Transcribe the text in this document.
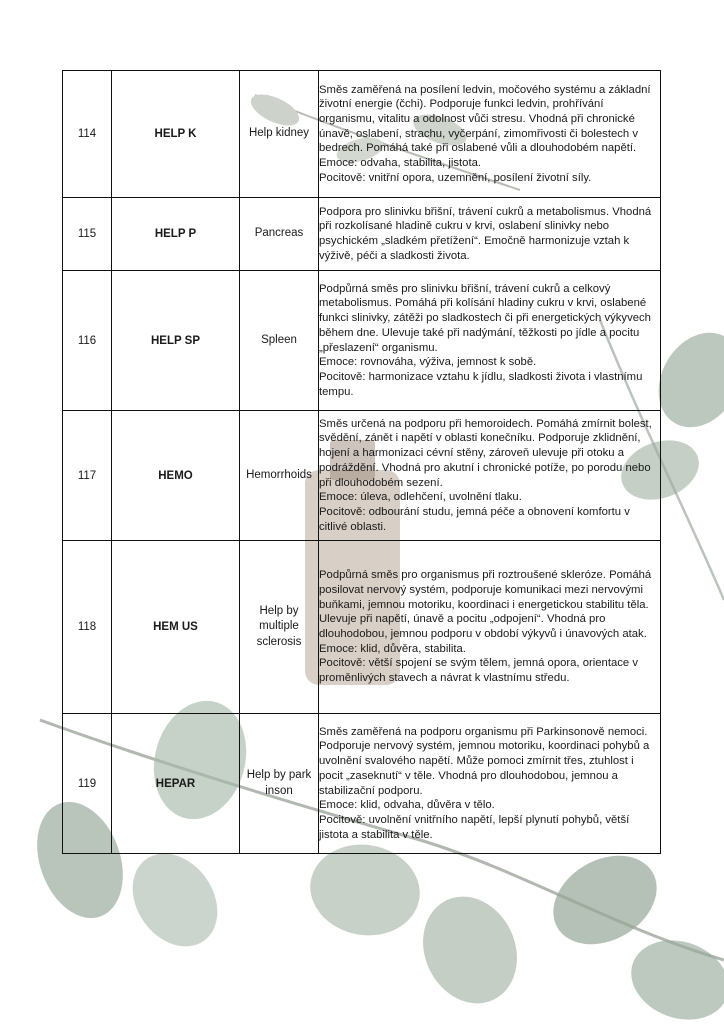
114	HELP K	Help kidney	Směs zaměřená na posílení ledvin, močového systému a základní životní energie (čchi). Podporuje funkci ledvin, prohřívání organismu, vitalitu a odolnost vůči stresu. Vhodná při chronické únavě, oslabení, strachu, vyčerpání, zimomřivosti či bolestech v bedrech. Pomáhá také při oslabené vůli a dlouhodobém napětí.

Emoce: odvaha, stabilita, jistota.

Pocitově: vnitřní opora, uzemnění, posílení životní síly.

115	HELP P	Pancreas	Podpora pro slinivku břišní, trávení cukrů a metabolismus. Vhodná při rozkolísané hladině cukru v krvi, oslabení slinivky nebo psychickém „sladkém přetížení“. Emočně harmonizuje vztah k výživě, péči a sladkosti života.

116	HELP SP	Spleen	Podpůrná směs pro slinivku břišní, trávení cukrů a celkový metabolismus. Pomáhá při kolísání hladiny cukru v krvi, oslabené funkci slinivky, zátěži po sladkostech či při energetických výkyvech během dne. Ulevuje také při nadýmání, těžkosti po jídle a pocitu „přeslazení“ organismu.

Emoce: rovnováha, výživa, jemnost k sobě.

Pocitově: harmonizace vztahu k jídlu, sladkosti života i vlastnímu tempu.

117	HEMO	Hemorrhoids	Směs určená na podporu při hemoroidech. Pomáhá zmírnit bolest, svědění, zánět i napětí v oblasti konečníku. Podporuje zklidnění, hojení a harmonizaci cévní stěny, zároveň ulevuje při otoku a podráždění. Vhodná pro akutní i chronické potíže, po porodu nebo při dlouhodobém sezení.

Emoce: úleva, odlehčení, uvolnění tlaku.

Pocitově: odbourání studu, jemná péče a obnovení komfortu v citlivé oblasti.

118	HEM US	Help by multiple sclerosis	Podpůrná směs pro organismus při roztroušené skleróze. Pomáhá posilovat nervový systém, podporuje komunikaci mezi nervovými buňkami, jemnou motoriku, koordinaci i energetickou stabilitu těla. Ulevuje při napětí, únavě a pocitu „odpojení“. Vhodná pro dlouhodobou, jemnou podporu v období výkyvů i únavových atak.

Emoce: klid, důvěra, stabilita.

Pocitově: větší spojení se svým tělem, jemná opora, orientace v proměnlivých stavech a návrat k vlastnímu středu.

119	HEPAR	Help by park inson	Směs zaměřená na podporu organismu při Parkinsonově nemoci. Podporuje nervový systém, jemnou motoriku, koordinaci pohybů a uvolnění svalového napětí. Může pomoci zmírnit třes, ztuhlost i pocit „zaseknutí“ v těle. Vhodná pro dlouhodobou, jemnou a stabilizační podporu.

Emoce: klid, odvaha, důvěra v tělo.

Pocitově: uvolnění vnitřního napětí, lepší plynutí pohybů, větší jistota a stabilita v těle.
